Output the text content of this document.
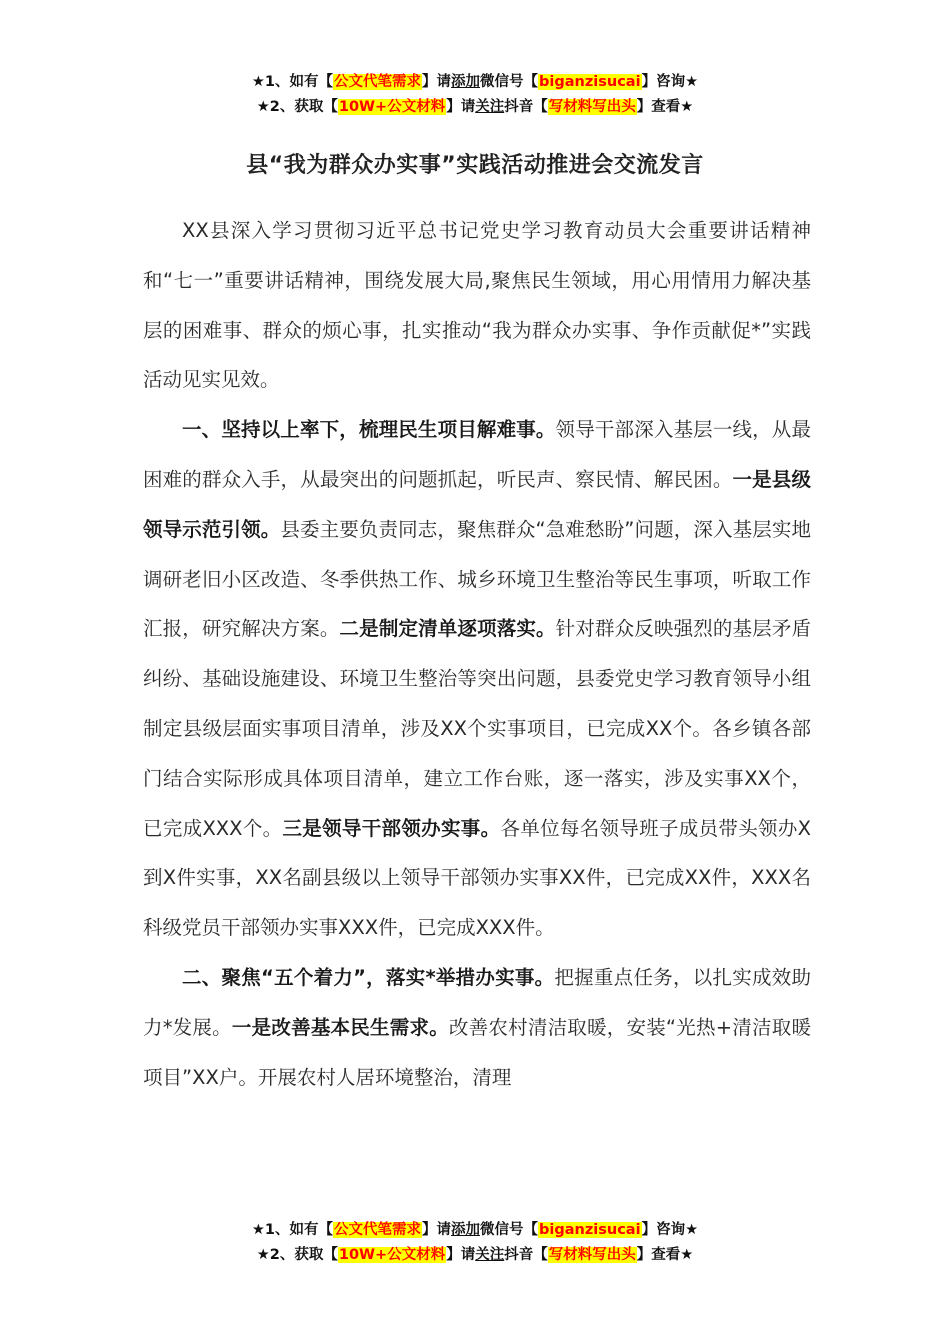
★1、如有【公文代笔需求】请添加微信号【biganzisucai】咨询★
★2、获取【10W+公文材料】请关注抖音【写材料写出头】查看★
县“我为群众办实事”实践活动推进会交流发言

XX县深入学习贯彻习近平总书记党史学习教育动员大会重要讲话精神和“七一”重要讲话精神，围绕发展大局,聚焦民生领域，用心用情用力解决基层的困难事、群众的烦心事，扎实推动“我为群众办实事、争作贡献促*”实践活动见实见效。

一、坚持以上率下，梳理民生项目解难事。领导干部深入基层一线，从最困难的群众入手，从最突出的问题抓起，听民声、察民情、解民困。一是县级领导示范引领。县委主要负责同志，聚焦群众“急难愁盼”问题，深入基层实地调研老旧小区改造、冬季供热工作、城乡环境卫生整治等民生事项，听取工作汇报，研究解决方案。二是制定清单逐项落实。针对群众反映强烈的基层矛盾纠纷、基础设施建设、环境卫生整治等突出问题，县委党史学习教育领导小组制定县级层面实事项目清单，涉及XX个实事项目，已完成XX个。各乡镇各部门结合实际形成具体项目清单，建立工作台账，逐一落实，涉及实事XX个，已完成XXX个。三是领导干部领办实事。各单位每名领导班子成员带头领办X到X件实事，XX名副县级以上领导干部领办实事XX件，已完成XX件，XXX名科级党员干部领办实事XXX件，已完成XXX件。

二、聚焦“五个着力”，落实*举措办实事。把握重点任务，以扎实成效助力*发展。一是改善基本民生需求。改善农村清洁取暖，安装“光热+清洁取暖项目”XX户。开展农村人居环境整治，清理

★1、如有【公文代笔需求】请添加微信号【biganzisucai】咨询★
★2、获取【10W+公文材料】请关注抖音【写材料写出头】查看★
